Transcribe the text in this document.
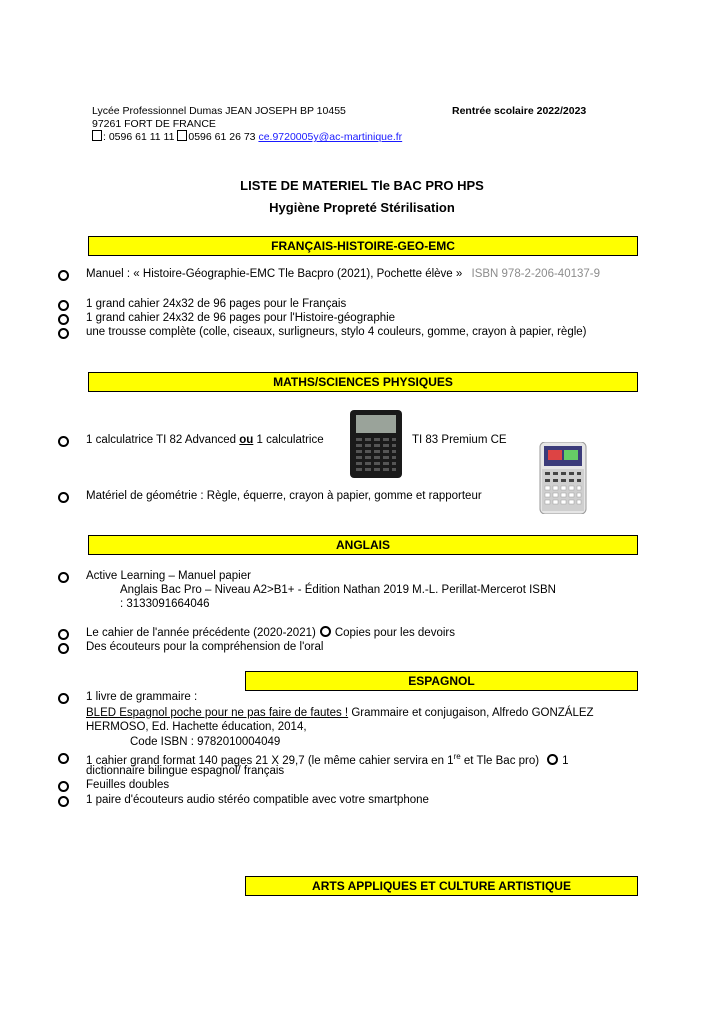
Lycée Professionnel Dumas JEAN JOSEPH BP 10455	Rentrée scolaire 2022/2023
97261 FORT DE FRANCE
: 0596 61 11 11 0596 61 26 73 ce.9720005y@ac-martinique.fr
LISTE DE MATERIEL Tle BAC PRO HPS
Hygiène Propreté Stérilisation
FRANÇAIS-HISTOIRE-GEO-EMC
Manuel : « Histoire-Géographie-EMC Tle Bacpro (2021), Pochette élève » ISBN 978-2-206-40137-9
1 grand cahier 24x32 de 96 pages pour le Français
1 grand cahier 24x32 de 96 pages pour l'Histoire-géographie
une trousse complète (colle, ciseaux, surligneurs, stylo 4 couleurs, gomme, crayon à papier, règle)
MATHS/SCIENCES PHYSIQUES
1 calculatrice TI 82 Advanced ou 1 calculatrice	TI 83 Premium CE
Matériel de géométrie : Règle, équerre, crayon à papier, gomme et rapporteur
ANGLAIS
Active Learning – Manuel papier
Anglais Bac Pro – Niveau A2>B1+ - Édition Nathan 2019 M.-L. Perillat-Mercerot ISBN
: 3133091664046
Le cahier de l'année précédente (2020-2021) Copies pour les devoirs
Des écouteurs pour la compréhension de l'oral
ESPAGNOL
1 livre de grammaire :
BLED Espagnol poche pour ne pas faire de fautes ! Grammaire et conjugaison, Alfredo GONZÁLEZ
HERMOSO, Ed. Hachette éducation, 2014,
Code ISBN : 9782010004049
1 cahier grand format 140 pages 21 X 29,7 (le même cahier servira en 1re et Tle Bac pro) 1
dictionnaire bilingue espagnol/ français
Feuilles doubles
1 paire d'écouteurs audio stéréo compatible avec votre smartphone
ARTS APPLIQUES ET CULTURE ARTISTIQUE
